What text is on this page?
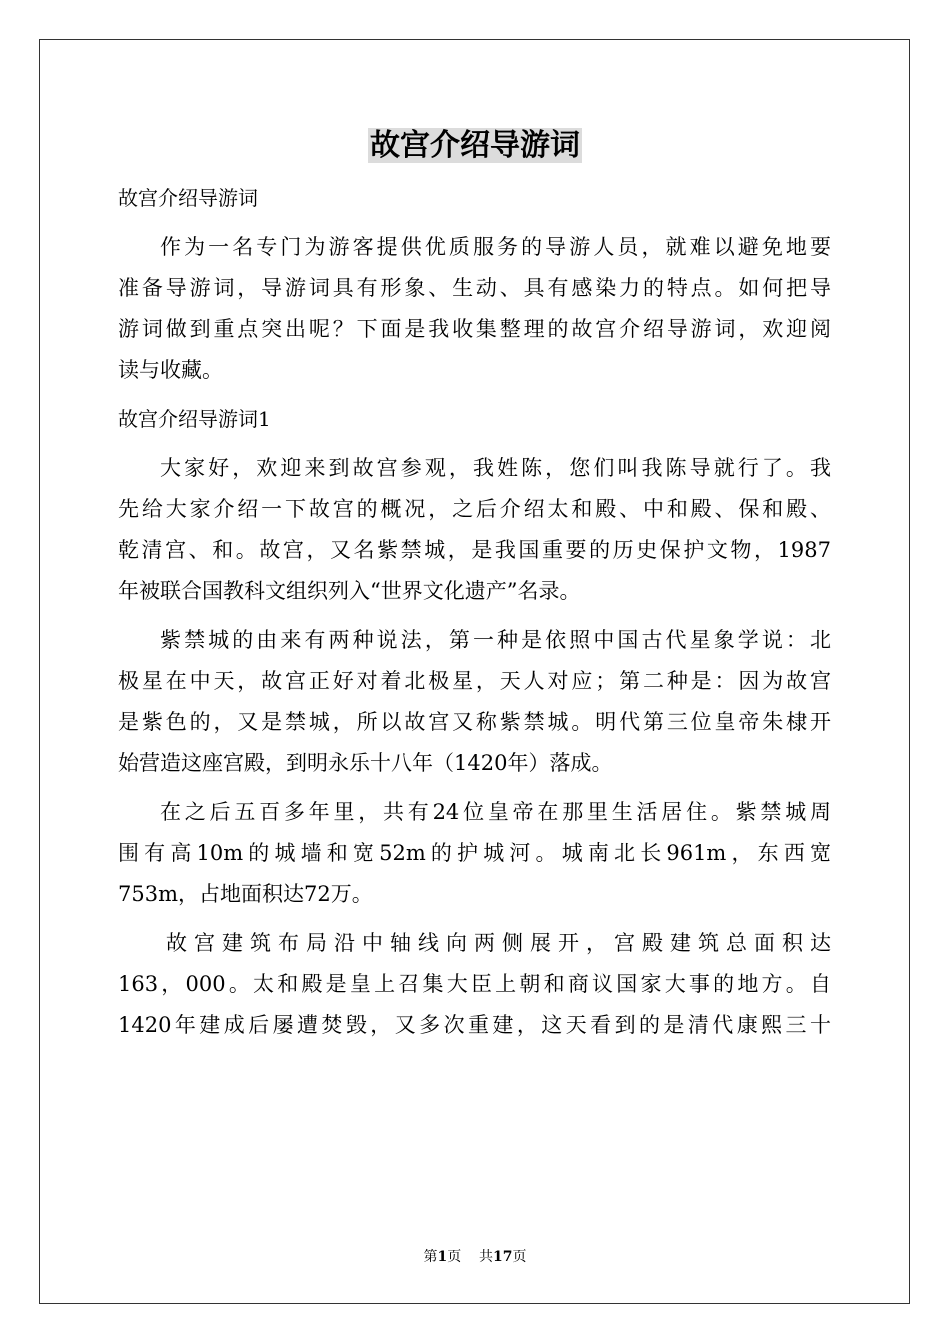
故宫介绍导游词
故宫介绍导游词
作为一名专门为游客提供优质服务的导游人员，就难以避免地要
准备导游词，导游词具有形象、生动、具有感染力的特点。如何把导
游词做到重点突出呢？下面是我收集整理的故宫介绍导游词，欢迎阅
读与收藏。
故宫介绍导游词1
大家好，欢迎来到故宫参观，我姓陈，您们叫我陈导就行了。我
先给大家介绍一下故宫的概况，之后介绍太和殿、中和殿、保和殿、
乾清宫、和。故宫，又名紫禁城，是我国重要的历史保护文物，1987
年被联合国教科文组织列入“世界文化遗产”名录。
紫禁城的由来有两种说法，第一种是依照中国古代星象学说：北
极星在中天，故宫正好对着北极星，天人对应；第二种是：因为故宫
是紫色的，又是禁城，所以故宫又称紫禁城。明代第三位皇帝朱棣开
始营造这座宫殿，到明永乐十八年（1420年）落成。
在之后五百多年里，共有24位皇帝在那里生活居住。紫禁城周
围有高10m的城墙和宽52m的护城河。城南北长961m，东西宽
753m，占地面积达72万。
故宫建筑布局沿中轴线向两侧展开，宫殿建筑总面积达
163，000。太和殿是皇上召集大臣上朝和商议国家大事的地方。自
1420年建成后屡遭焚毁，又多次重建，这天看到的是清代康熙三十
第1页 共17页
